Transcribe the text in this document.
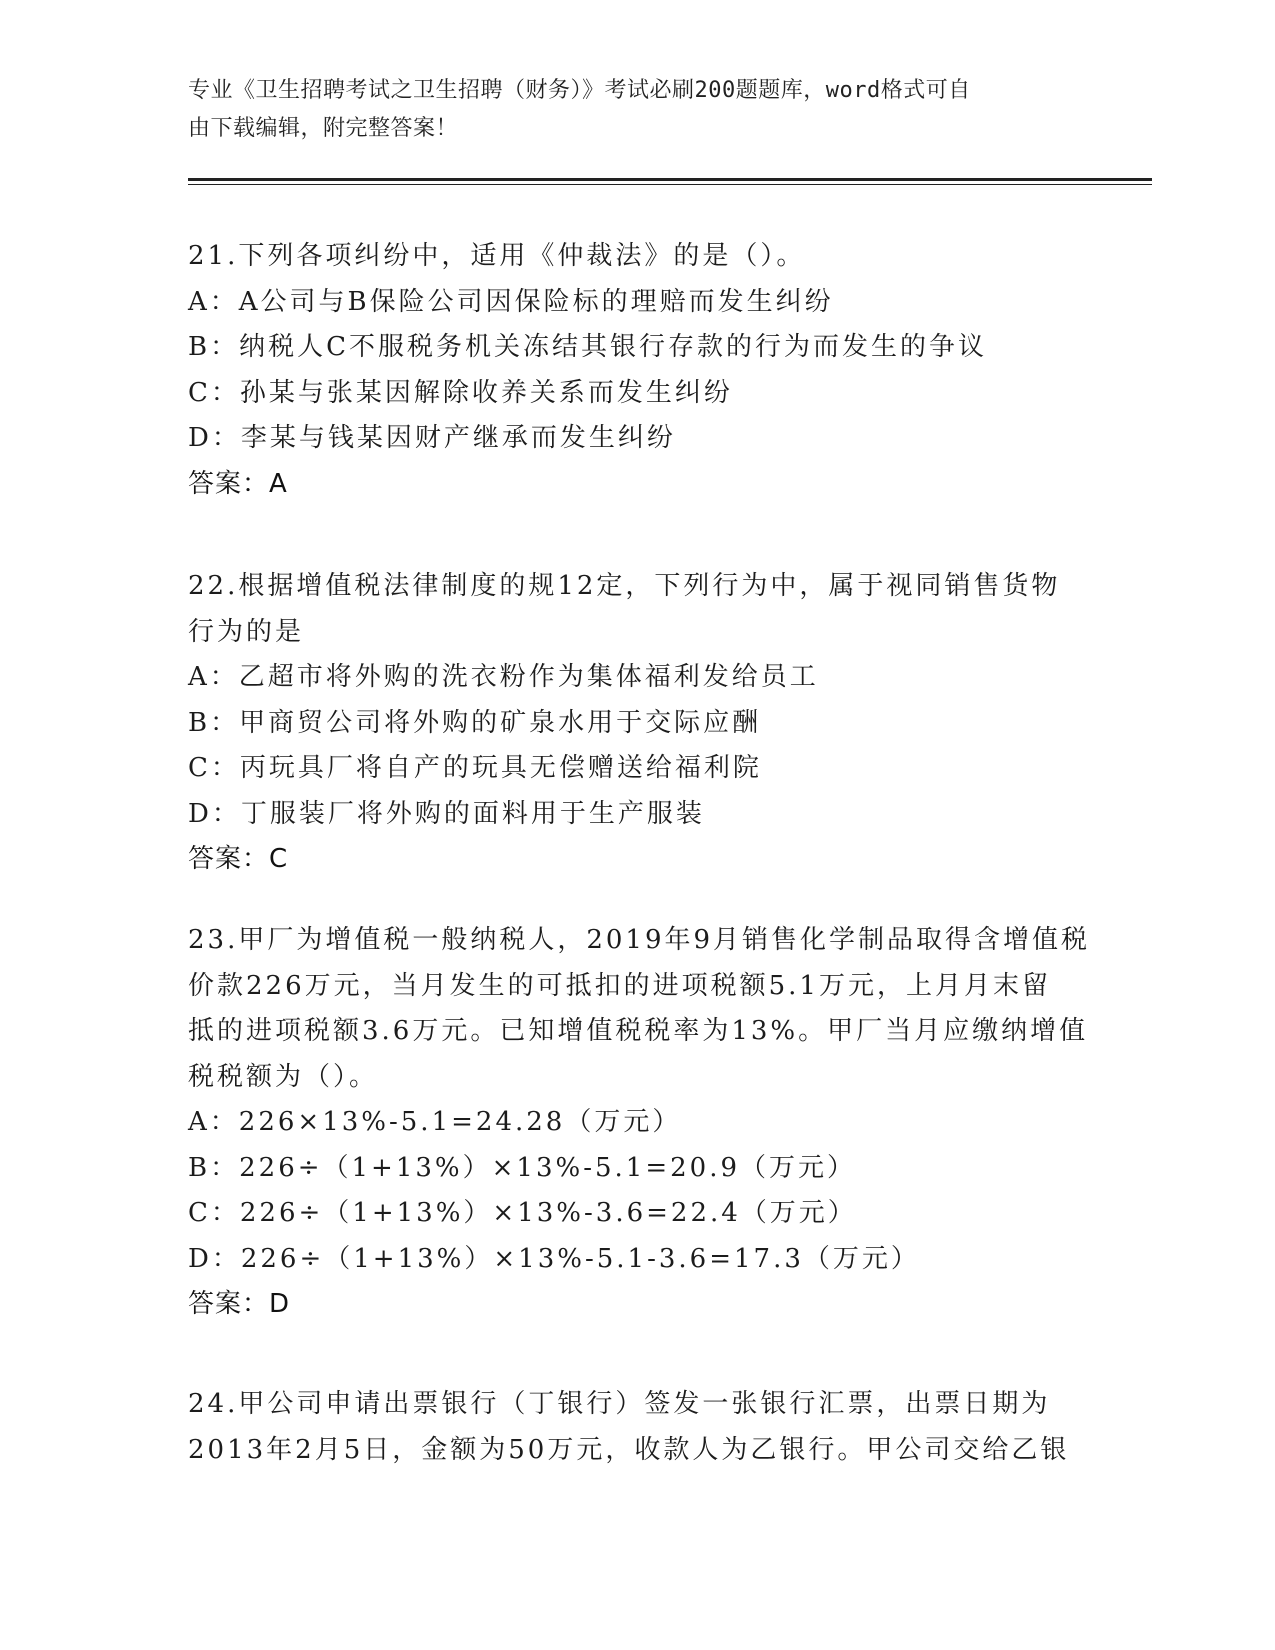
专业《卫生招聘考试之卫生招聘（财务）》考试必刷200题题库，word格式可自
由下载编辑，附完整答案！
21.下列各项纠纷中，适用《仲裁法》的是（）。
A：A公司与B保险公司因保险标的理赔而发生纠纷
B：纳税人C不服税务机关冻结其银行存款的行为而发生的争议
C：孙某与张某因解除收养关系而发生纠纷
D：李某与钱某因财产继承而发生纠纷
答案：A
22.根据增值税法律制度的规12定，下列行为中，属于视同销售货物
行为的是
A：乙超市将外购的洗衣粉作为集体福利发给员工
B：甲商贸公司将外购的矿泉水用于交际应酬
C：丙玩具厂将自产的玩具无偿赠送给福利院
D：丁服装厂将外购的面料用于生产服装
答案：C
23.甲厂为增值税一般纳税人，2019年9月销售化学制品取得含增值税
价款226万元，当月发生的可抵扣的进项税额5.1万元，上月月末留
抵的进项税额3.6万元。已知增值税税率为13%。甲厂当月应缴纳增值
税税额为（）。
A：226×13%-5.1=24.28（万元）
B：226÷（1+13%）×13%-5.1=20.9（万元）
C：226÷（1+13%）×13%-3.6=22.4（万元）
D：226÷（1+13%）×13%-5.1-3.6=17.3（万元）
答案：D
24.甲公司申请出票银行（丁银行）签发一张银行汇票，出票日期为
2013年2月5日，金额为50万元，收款人为乙银行。甲公司交给乙银
